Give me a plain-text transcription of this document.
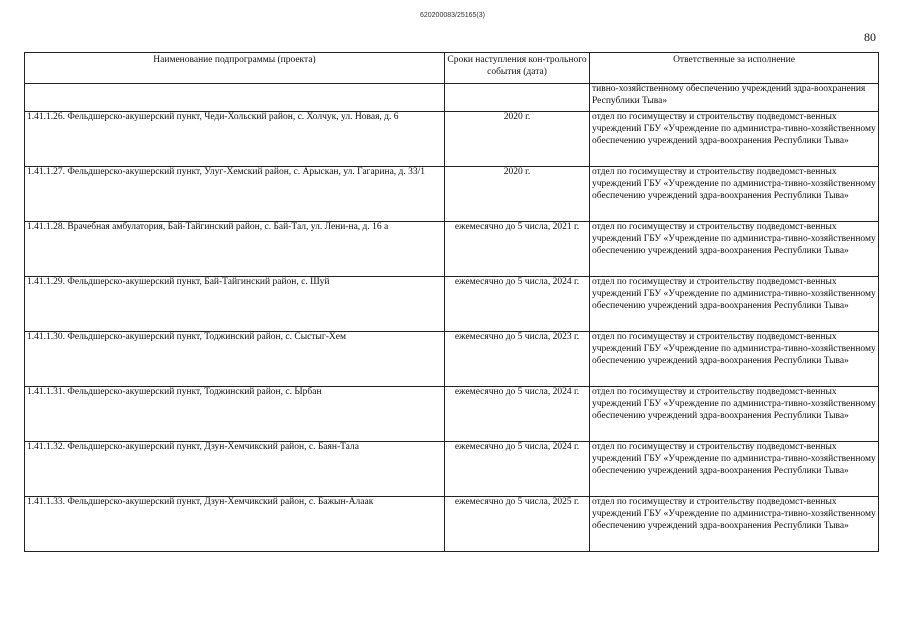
620200083/25165(3)
80
Наименование подпрограммы (проекта)	Сроки наступления кон-трольного события (дата)	Ответственные за исполнение
		тивно-хозяйственному обеспечению учреждений здра-воохранения Республики Тыва»
1.41.1.26. Фельдшерско-акушерский пункт, Чеди-Хольский район, с. Холчук, ул. Новая, д. 6	2020 г.	отдел по госимуществу и строительству подведомст-венных учреждений ГБУ «Учреждение по администра-тивно-хозяйственному обеспечению учреждений здра-воохранения Республики Тыва»
1.41.1.27. Фельдшерско-акушерский пункт, Улуг-Хемский район, с. Арыскан, ул. Гагарина, д. 33/1	2020 г.	отдел по госимуществу и строительству подведомст-венных учреждений ГБУ «Учреждение по администра-тивно-хозяйственному обеспечению учреждений здра-воохранения Республики Тыва»
1.41.1.28. Врачебная амбулатория, Бай-Тайгинский район, с. Бай-Тал, ул. Лени-на, д. 16 а	ежемесячно до 5 числа, 2021 г.	отдел по госимуществу и строительству подведомст-венных учреждений ГБУ «Учреждение по администра-тивно-хозяйственному обеспечению учреждений здра-воохранения Республики Тыва»
1.41.1.29. Фельдшерско-акушерский пункт, Бай-Тайгинский район, с. Шуй	ежемесячно до 5 числа, 2024 г.	отдел по госимуществу и строительству подведомст-венных учреждений ГБУ «Учреждение по администра-тивно-хозяйственному обеспечению учреждений здра-воохранения Республики Тыва»
1.41.1.30. Фельдшерско-акушерский пункт, Тоджинский район, с. Сыстыг-Хем	ежемесячно до 5 числа, 2023 г.	отдел по госимуществу и строительству подведомст-венных учреждений ГБУ «Учреждение по администра-тивно-хозяйственному обеспечению учреждений здра-воохранения Республики Тыва»
1.41.1.31. Фельдшерско-акушерский пункт, Тоджинский район, с. Ырбан	ежемесячно до 5 числа, 2024 г.	отдел по госимуществу и строительству подведомст-венных учреждений ГБУ «Учреждение по администра-тивно-хозяйственному обеспечению учреждений здра-воохранения Республики Тыва»
1.41.1.32. Фельдшерско-акушерский пункт, Дзун-Хемчикский район, с. Баян-Тала	ежемесячно до 5 числа, 2024 г.	отдел по госимуществу и строительству подведомст-венных учреждений ГБУ «Учреждение по администра-тивно-хозяйственному обеспечению учреждений здра-воохранения Республики Тыва»
1.41.1.33. Фельдшерско-акушерский пункт, Дзун-Хемчикский район, с. Бажын-Алаак	ежемесячно до 5 числа, 2025 г.	отдел по госимуществу и строительству подведомст-венных учреждений ГБУ «Учреждение по администра-тивно-хозяйственному обеспечению учреждений здра-воохранения Республики Тыва»
